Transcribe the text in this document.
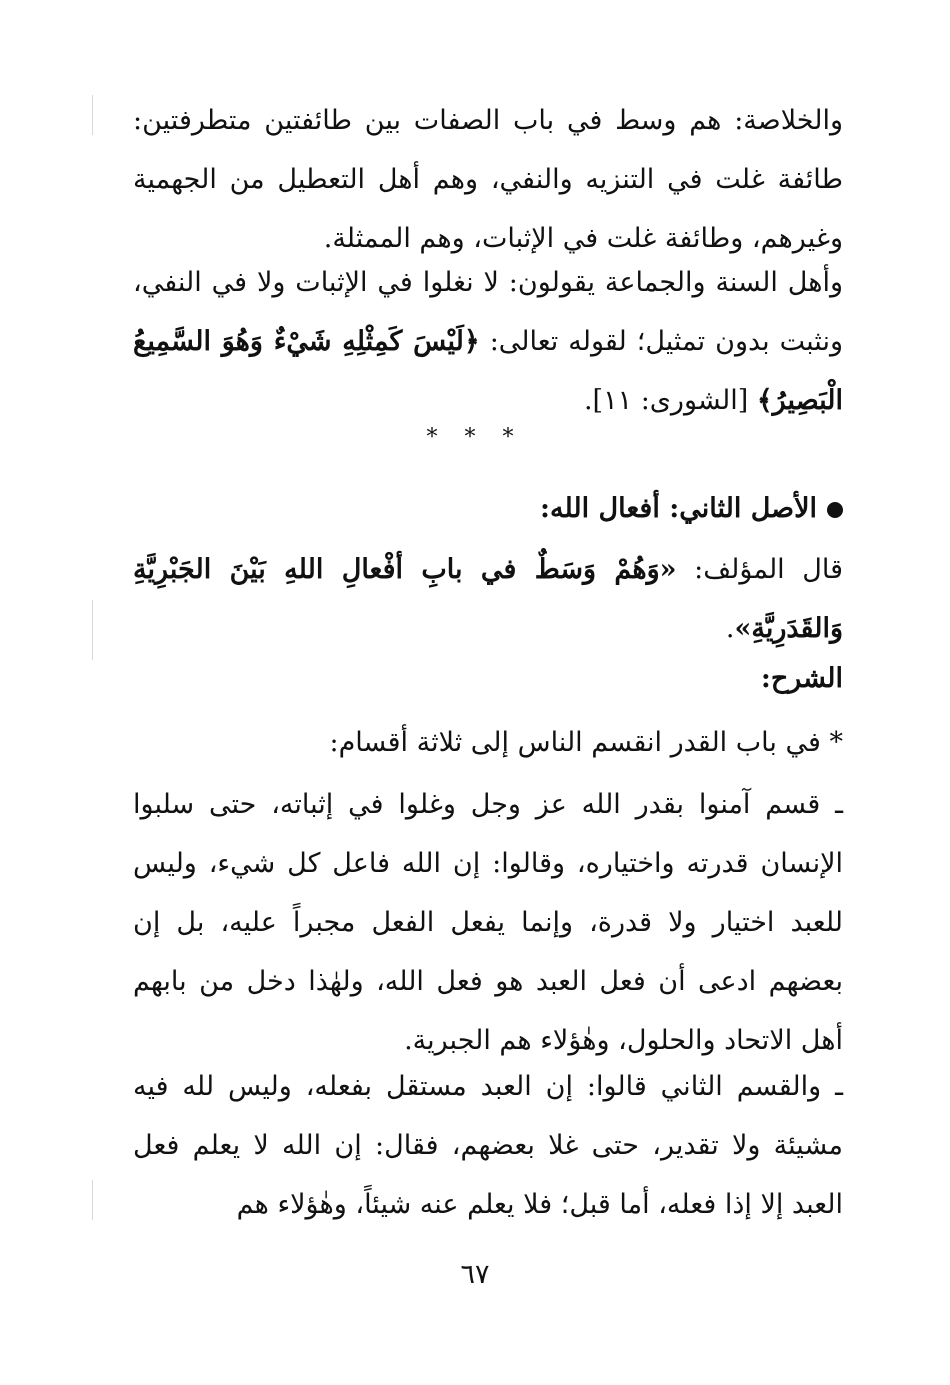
والخلاصة: هم وسط في باب الصفات بين طائفتين متطرفتين: طائفة غلت في التنزيه والنفي، وهم أهل التعطيل من الجهمية وغيرهم، وطائفة غلت في الإثبات، وهم الممثلة.

وأهل السنة والجماعة يقولون: لا نغلوا في الإثبات ولا في النفي، ونثبت بدون تمثيل؛ لقوله تعالى: ﴿لَيْسَ كَمِثْلِهِ شَيْءٌ وَهُوَ السَّمِيعُ الْبَصِيرُ﴾ [الشورى: ١١].

* * *
الأصل الثاني: أفعال الله:

قال المؤلف: «وَهُمْ وَسَطٌ في بابِ أفْعالِ اللهِ بَيْنَ الجَبْرِيَّةِ وَالقَدَرِيَّةِ».

الشرح:

* في باب القدر انقسم الناس إلى ثلاثة أقسام:

ـ قسم آمنوا بقدر الله عز وجل وغلوا في إثباته، حتى سلبوا الإنسان قدرته واختياره، وقالوا: إن الله فاعل كل شيء، وليس للعبد اختيار ولا قدرة، وإنما يفعل الفعل مجبراً عليه، بل إن بعضهم ادعى أن فعل العبد هو فعل الله، ولهٰذا دخل من بابهم أهل الاتحاد والحلول، وهٰؤلاء هم الجبرية.

ـ والقسم الثاني قالوا: إن العبد مستقل بفعله، وليس لله فيه مشيئة ولا تقدير، حتى غلا بعضهم، فقال: إن الله لا يعلم فعل العبد إلا إذا فعله، أما قبل؛ فلا يعلم عنه شيئاً، وهٰؤلاء هم

٦٧
